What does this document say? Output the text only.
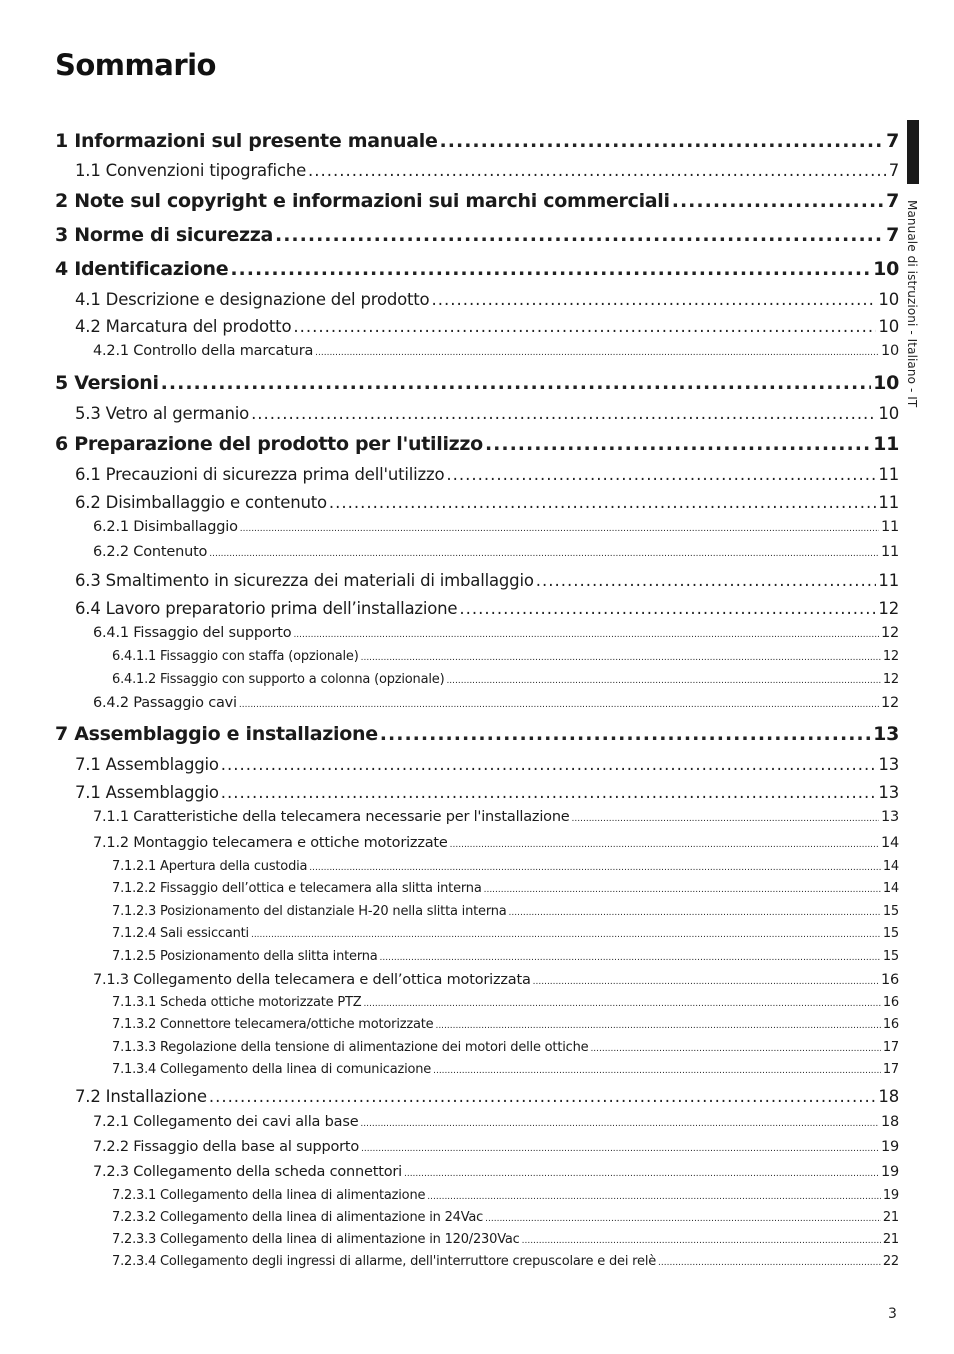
Sommario
1 Informazioni sul presente manuale .....	7
1.1 Convenzioni tipografiche .....	7
2 Note sul copyright e informazioni sui marchi commerciali .....	7
3 Norme di sicurezza .....	7
4 Identificazione .....	10
4.1 Descrizione e designazione del prodotto .....	10
4.2 Marcatura del prodotto .....	10
4.2.1 Controllo della marcatura .....	10
5 Versioni .....	10
5.3 Vetro al germanio .....	10
6 Preparazione del prodotto per l'utilizzo .....	11
6.1 Precauzioni di sicurezza prima dell'utilizzo .....	11
6.2 Disimballaggio e contenuto .....	11
6.2.1 Disimballaggio .....	11
6.2.2 Contenuto .....	11
6.3 Smaltimento in sicurezza dei materiali di imballaggio .....	11
6.4 Lavoro preparatorio prima dell’installazione .....	12
6.4.1 Fissaggio del supporto .....	12
6.4.1.1 Fissaggio con staffa (opzionale) .....	12
6.4.1.2 Fissaggio con supporto a colonna (opzionale) .....	12
6.4.2 Passaggio cavi .....	12
7 Assemblaggio e installazione .....	13
7.1 Assemblaggio .....	13
7.1 Assemblaggio .....	13
7.1.1 Caratteristiche della telecamera necessarie per l'installazione .....	13
7.1.2 Montaggio telecamera e ottiche motorizzate .....	14
7.1.2.1 Apertura della custodia .....	14
7.1.2.2 Fissaggio dell’ottica e telecamera alla slitta interna .....	14
7.1.2.3 Posizionamento del distanziale H-20 nella slitta interna .....	15
7.1.2.4 Sali essiccanti .....	15
7.1.2.5 Posizionamento della slitta interna .....	15
7.1.3 Collegamento della telecamera e dell’ottica motorizzata .....	16
7.1.3.1 Scheda ottiche motorizzate PTZ .....	16
7.1.3.2 Connettore telecamera/ottiche motorizzate .....	16
7.1.3.3 Regolazione della tensione di alimentazione dei motori delle ottiche .....	17
7.1.3.4 Collegamento della linea di comunicazione .....	17
7.2 Installazione .....	18
7.2.1 Collegamento dei cavi alla base .....	18
7.2.2 Fissaggio della base al supporto .....	19
7.2.3 Collegamento della scheda connettori .....	19
7.2.3.1 Collegamento della linea di alimentazione .....	19
7.2.3.2 Collegamento della linea di alimentazione in 24Vac .....	21
7.2.3.3 Collegamento della linea di alimentazione in 120/230Vac .....	21
7.2.3.4 Collegamento degli ingressi di allarme, dell'interruttore crepuscolare e dei relè .....	22
Manuale di istruzioni - Italiano - IT
3
